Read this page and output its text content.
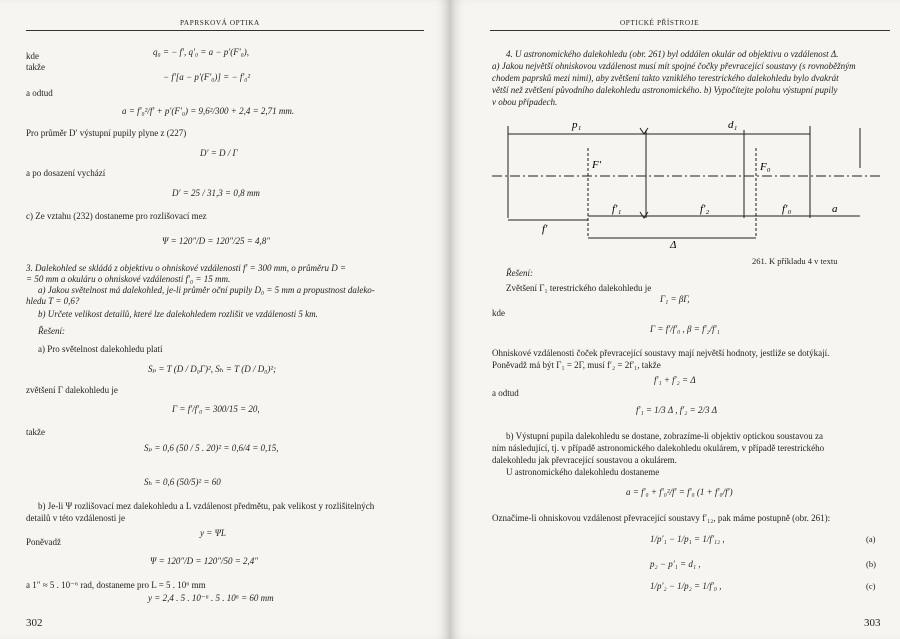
PAPRSKOVÁ OPTIKA
kde
takže
q₀ = − f′, q′₀ = a − p′(F′₀),
− f′[a − p′(F′₀)] = − f′₀²
a odtud
a = f′₀²/f′ + p′(F′₀) = 9,6²/300 + 2,4 = 2,71 mm.
Pro průměr D′ výstupní pupily plyne z (227)
D′ = D / Γ
a po dosazení vychází
D′ = 25 / 31,3 = 0,8 mm
c) Ze vztahu (232) dostaneme pro rozlišovací mez
Ψ = 120″/D = 120″/25 = 4,8″
3. Dalekohled se skládá z objektivu o ohniskové vzdálenosti f′ = 300 mm, o průměru D =
= 50 mm a okuláru o ohniskové vzdálenosti f′₀ = 15 mm.
a) Jakou světelnost má dalekohled, je-li průměr oční pupily D₀ = 5 mm a propustnost daleko-
hledu T = 0,6?
b) Určete velikost detailů, které lze dalekohledem rozlišit ve vzdálenosti 5 km.
Řešení:
a) Pro světelnost dalekohledu platí
Sₚ = T (D / D₀Γ)², Sₕ = T (D / D₀)²;
zvětšení Γ dalekohledu je
Γ = f′/f′₀ = 300/15 = 20,
takže
Sₚ = 0,6 (50 / 5 . 20)² = 0,6/4 = 0,15,
Sₕ = 0,6 (50/5)² = 60
b) Je-li Ψ rozlišovací mez dalekohledu a L vzdálenost předmětu, pak velikost y rozlišitelných
detailů v této vzdálenosti je
y = ΨL
Poněvadž
Ψ = 120″/D = 120″/50 = 2,4″
a 1″ ≈ 5 . 10⁻⁶ rad, dostaneme pro L = 5 . 10⁶ mm
y = 2,4 . 5 . 10⁻⁶ . 5 . 10⁶ = 60 mm
302
OPTICKÉ PŘÍSTROJE
4. U astronomického dalekohledu (obr. 261) byl oddálen okulár od objektivu o vzdálenost Δ.
a) Jakou největší ohniskovou vzdálenost musí mít spojné čočky převracející soustavy (s rovnoběžným
chodem paprsků mezi nimi), aby zvětšení takto vzniklého terestrického dalekohledu bylo dvakrát
větší než zvětšení původního dalekohledu astronomického. b) Vypočítejte polohu výstupní pupily
v obou případech.
261. K příkladu 4 v textu
Řešení:
Zvětšení Γ₁ terestrického dalekohledu je
Γ₁ = βΓ,
kde
Γ = f′/f′₀ , β = f′₂/f′₁
Ohniskové vzdálenosti čoček převracející soustavy mají největší hodnoty, jestliže se dotýkají.
Poněvadž má být Γ₁ = 2Γ, musí f′₂ = 2f′₁, takže
f′₁ + f′₂ = Δ
a odtud
f′₁ = 1/3 Δ , f′₂ = 2/3 Δ
b) Výstupní pupila dalekohledu se dostane, zobrazíme-li objektiv optickou soustavou za
ním následující, tj. v případě astronomického dalekohledu okulárem, v případě terestrického
dalekohledu jak převracející soustavou a okulárem.
U astronomického dalekohledu dostaneme
a = f′₀ + f′₀²/f′ = f′₀ (1 + f′₀/f′)
Označíme-li ohniskovou vzdálenost převracející soustavy f′₁₂, pak máme postupně (obr. 261):
1/p′₁ − 1/p₁ = 1/f′₁₂ ,
p₂ − p′₁ = d₁ ,
1/p′₂ − 1/p₂ = 1/f′₀ ,
(a)
(b)
(c)
303
p₁	d₁
F′	F₀
f′
f′₁	f′₂	f′₀
Δ
a
